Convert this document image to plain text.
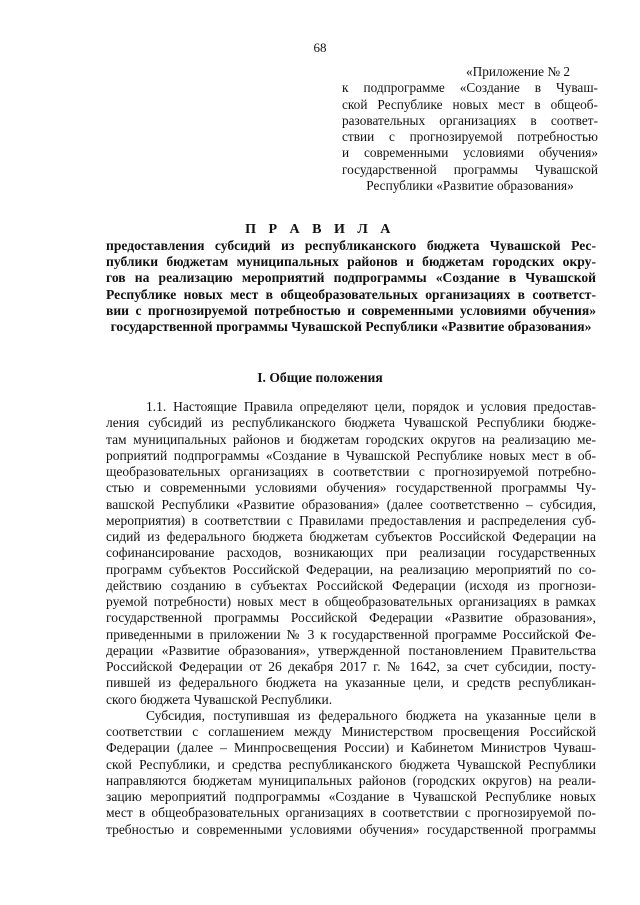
68
«Приложение № 2
к подпрограмме «Создание в Чуваш-
ской Республике новых мест в общеоб-
разовательных организациях в соответ-
ствии с прогнозируемой потребностью
и современными условиями обучения»
государственной программы Чувашской
Республики «Развитие образования»
П Р А В И Л А
предоставления субсидий из республиканского бюджета Чувашской Рес-
публики бюджетам муниципальных районов и бюджетам городских окру-
гов на реализацию мероприятий подпрограммы «Создание в Чувашской
Республике новых мест в общеобразовательных организациях в соответст-
вии с прогнозируемой потребностью и современными условиями обучения»
государственной программы Чувашской Республики «Развитие образования»
I. Общие положения
1.1. Настоящие Правила определяют цели, порядок и условия предостав-
ления субсидий из республиканского бюджета Чувашской Республики бюдже-
там муниципальных районов и бюджетам городских округов на реализацию ме-
роприятий подпрограммы «Создание в Чувашской Республике новых мест в об-
щеобразовательных организациях в соответствии с прогнозируемой потребно-
стью и современными условиями обучения» государственной программы Чу-
вашской Республики «Развитие образования» (далее соответственно – субсидия,
мероприятия) в соответствии с Правилами предоставления и распределения суб-
сидий из федерального бюджета бюджетам субъектов Российской Федерации на
софинансирование расходов, возникающих при реализации государственных
программ субъектов Российской Федерации, на реализацию мероприятий по со-
действию созданию в субъектах Российской Федерации (исходя из прогнози-
руемой потребности) новых мест в общеобразовательных организациях в рамках
государственной программы Российской Федерации «Развитие образования»,
приведенными в приложении № 3 к государственной программе Российской Фе-
дерации «Развитие образования», утвержденной постановлением Правительства
Российской Федерации от 26 декабря 2017 г. № 1642, за счет субсидии, посту-
пившей из федерального бюджета на указанные цели, и средств республикан-
ского бюджета Чувашской Республики.
Субсидия, поступившая из федерального бюджета на указанные цели в
соответствии с соглашением между Министерством просвещения Российской
Федерации (далее – Минпросвещения России) и Кабинетом Министров Чуваш-
ской Республики, и средства республиканского бюджета Чувашской Республики
направляются бюджетам муниципальных районов (городских округов) на реали-
зацию мероприятий подпрограммы «Создание в Чувашской Республике новых
мест в общеобразовательных организациях в соответствии с прогнозируемой по-
требностью и современными условиями обучения» государственной программы
